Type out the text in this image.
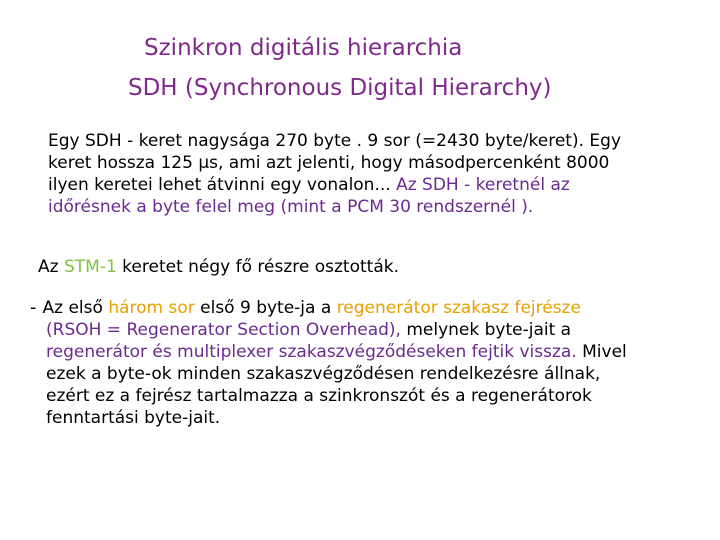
Szinkron digitális hierarchia
SDH (Synchronous Digital Hierarchy)
Egy SDH - keret nagysága 270 byte . 9 sor (=2430 byte/keret). Egy
keret hossza 125 µs, ami azt jelenti, hogy másodpercenként 8000
ilyen keretei lehet átvinni egy vonalon... Az SDH - keretnél az
időrésnek a byte felel meg (mint a PCM 30 rendszernél ).
Az STM-1 keretet négy fő részre osztották.
- Az első három sor első 9 byte-ja a regenerátor szakasz fejrésze
(RSOH = Regenerator Section Overhead), melynek byte-jait a
regenerátor és multiplexer szakaszvégződéseken fejtik vissza. Mivel
ezek a byte-ok minden szakaszvégződésen rendelkezésre állnak,
ezért ez a fejrész tartalmazza a szinkronszót és a regenerátorok
fenntartási byte-jait.
